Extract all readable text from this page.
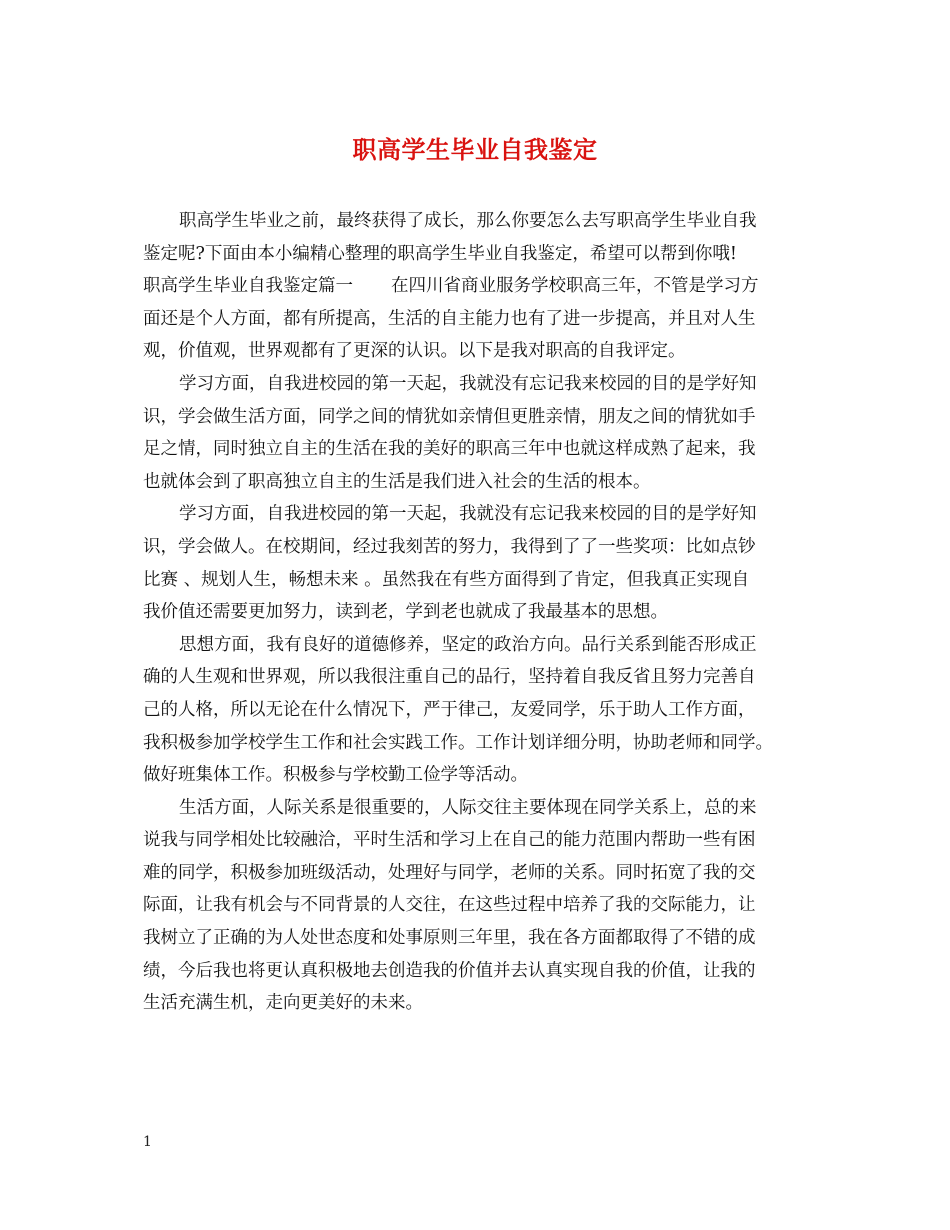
职高学生毕业自我鉴定
职高学生毕业之前，最终获得了成长，那么你要怎么去写职高学生毕业自我
鉴定呢?下面由本小编精心整理的职高学生毕业自我鉴定，希望可以帮到你哦!
职高学生毕业自我鉴定篇一 在四川省商业服务学校职高三年，不管是学习方
面还是个人方面，都有所提高，生活的自主能力也有了进一步提高，并且对人生
观，价值观，世界观都有了更深的认识。以下是我对职高的自我评定。
学习方面，自我进校园的第一天起，我就没有忘记我来校园的目的是学好知
识，学会做生活方面，同学之间的情犹如亲情但更胜亲情，朋友之间的情犹如手
足之情，同时独立自主的生活在我的美好的职高三年中也就这样成熟了起来，我
也就体会到了职高独立自主的生活是我们进入社会的生活的根本。
学习方面，自我进校园的第一天起，我就没有忘记我来校园的目的是学好知
识，学会做人。在校期间，经过我刻苦的努力，我得到了了一些奖项：比如点钞
比赛 、规划人生，畅想未来 。虽然我在有些方面得到了肯定，但我真正实现自
我价值还需要更加努力，读到老，学到老也就成了我最基本的思想。
思想方面，我有良好的道德修养，坚定的政治方向。品行关系到能否形成正
确的人生观和世界观，所以我很注重自己的品行，坚持着自我反省且努力完善自
己的人格，所以无论在什么情况下，严于律己，友爱同学，乐于助人工作方面，
我积极参加学校学生工作和社会实践工作。工作计划详细分明，协助老师和同学。
做好班集体工作。积极参与学校勤工俭学等活动。
生活方面，人际关系是很重要的，人际交往主要体现在同学关系上，总的来
说我与同学相处比较融洽，平时生活和学习上在自己的能力范围内帮助一些有困
难的同学，积极参加班级活动，处理好与同学，老师的关系。同时拓宽了我的交
际面，让我有机会与不同背景的人交往，在这些过程中培养了我的交际能力，让
我树立了正确的为人处世态度和处事原则三年里，我在各方面都取得了不错的成
绩，今后我也将更认真积极地去创造我的价值并去认真实现自我的价值，让我的
生活充满生机，走向更美好的未来。
1
